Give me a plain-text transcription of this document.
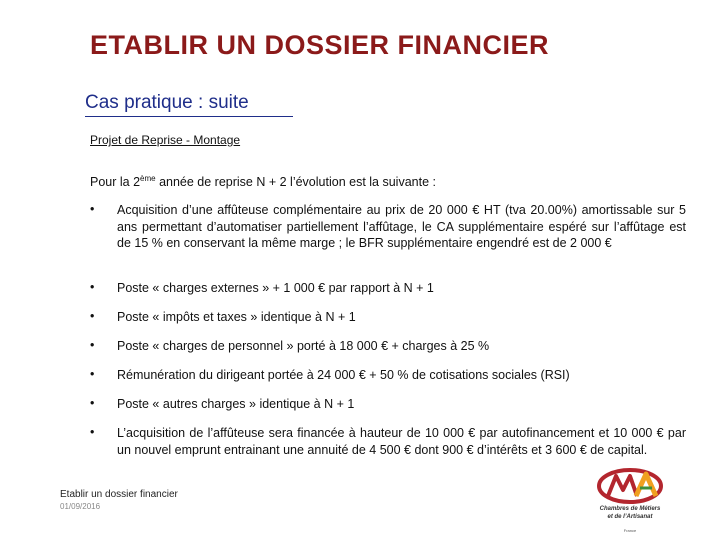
ETABLIR UN DOSSIER FINANCIER
Cas pratique : suite
Projet de Reprise - Montage
Pour la 2ème année de reprise N + 2 l’évolution est la suivante :
•	Acquisition d’une affûteuse complémentaire au prix de 20 000 € HT (tva 20.00%) amortissable sur 5 ans permettant d’automatiser partiellement l’affûtage, le CA supplémentaire espéré sur l’affûtage est de 15 % en conservant la même marge ; le BFR supplémentaire engendré est de 2 000 €
•	Poste « charges externes » + 1 000 € par rapport à N + 1
•	Poste « impôts et taxes » identique à N + 1
•	Poste « charges de personnel » porté à 18 000 € + charges à 25 %
•	Rémunération du dirigeant portée à 24 000 € + 50 % de cotisations sociales (RSI)
•	Poste « autres charges » identique à N + 1
•	L’acquisition de l’affûteuse sera financée à hauteur de 10 000 € par autofinancement et 10 000 € par un nouvel emprunt entrainant une annuité de 4 500 € dont 900 € d’intérêts et 3 600 € de capital.
Etablir un dossier financier
01/09/2016	Chambres de Métiers
et de l’Artisanat
France
